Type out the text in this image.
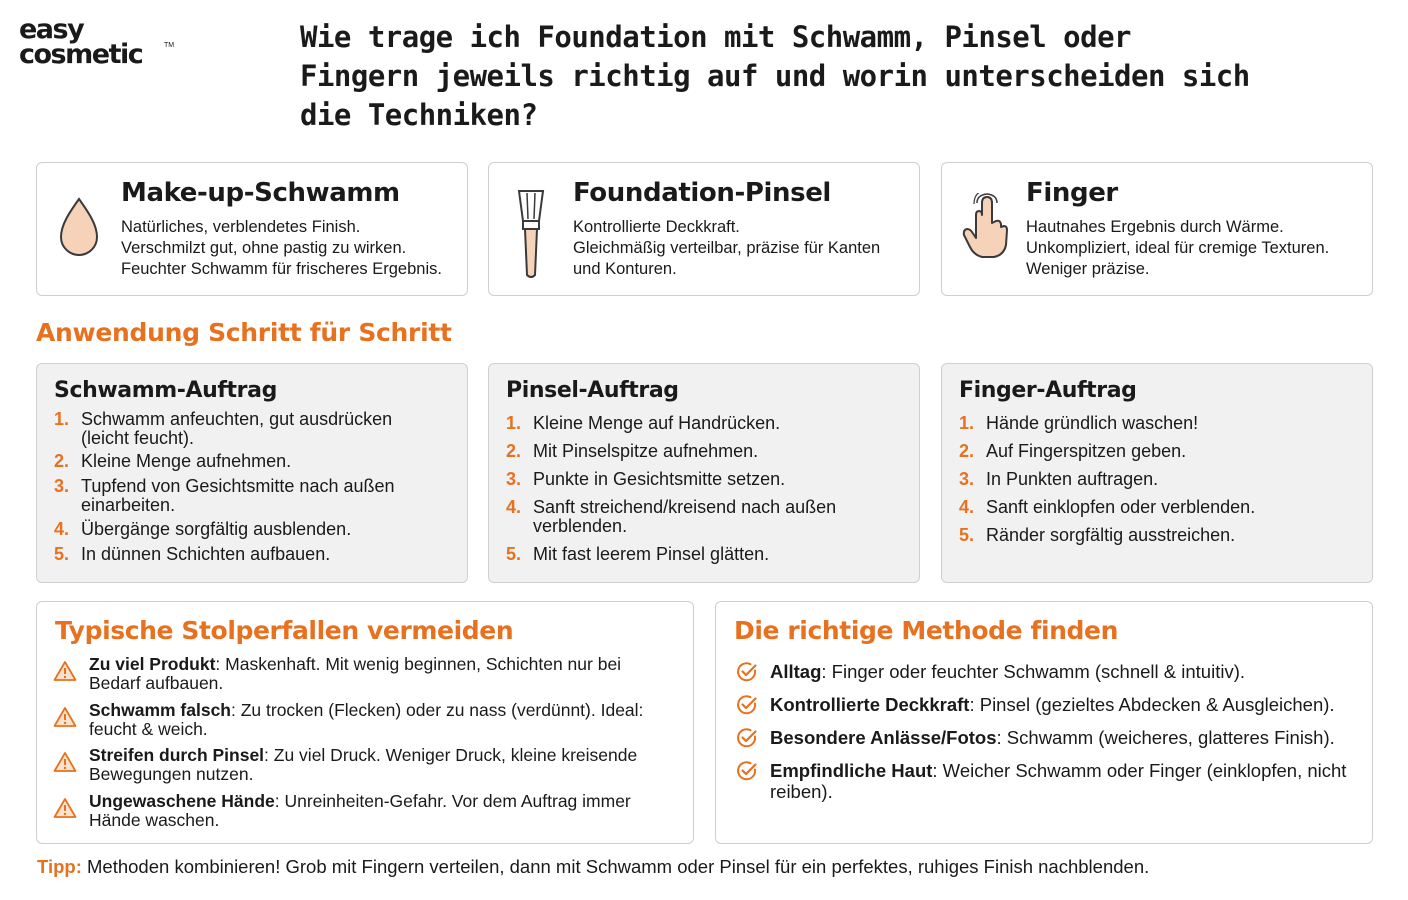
easy
cosmetic	TM	Wie trage ich Foundation mit Schwamm, Pinsel oder Fingern jeweils richtig auf und worin unterscheiden sich die Techniken?
Make-up-Schwamm

Natürliches, verblendetes Finish.

Verschmilzt gut, ohne pastig zu wirken.

Feuchter Schwamm für frischeres Ergebnis.

Foundation-Pinsel

Kontrollierte Deckkraft.

Gleichmäßig verteilbar, präzise für Kanten

und Konturen.

Finger

Hautnahes Ergebnis durch Wärme.

Unkompliziert, ideal für cremige Texturen.

Weniger präzise.

Anwendung Schritt für Schritt
Schwamm-Auftrag
1. Schwamm anfeuchten, gut ausdrücken (leicht feucht).
2. Kleine Menge aufnehmen.
3. Tupfend von Gesichtsmitte nach außen einarbeiten.
4. Übergänge sorgfältig ausblenden.
5. In dünnen Schichten aufbauen.
Pinsel-Auftrag
1. Kleine Menge auf Handrücken.
2. Mit Pinselspitze aufnehmen.
3. Punkte in Gesichtsmitte setzen.
4. Sanft streichend/kreisend nach außen verblenden.
5. Mit fast leerem Pinsel glätten.
Finger-Auftrag
1. Hände gründlich waschen!
2. Auf Fingerspitzen geben.
3. In Punkten auftragen.
4. Sanft einklopfen oder verblenden.
5. Ränder sorgfältig ausstreichen.
Typische Stolperfallen vermeiden
Zu viel Produkt: Maskenhaft. Mit wenig beginnen, Schichten nur bei Bedarf aufbauen.
Schwamm falsch: Zu trocken (Flecken) oder zu nass (verdünnt). Ideal: feucht & weich.
Streifen durch Pinsel: Zu viel Druck. Weniger Druck, kleine kreisende Bewegungen nutzen.
Ungewaschene Hände: Unreinheiten-Gefahr. Vor dem Auftrag immer Hände waschen.
Die richtige Methode finden
Alltag: Finger oder feuchter Schwamm (schnell & intuitiv).
Kontrollierte Deckkraft: Pinsel (gezieltes Abdecken & Ausgleichen).
Besondere Anlässe/Fotos: Schwamm (weicheres, glatteres Finish).
Empfindliche Haut: Weicher Schwamm oder Finger (einklopfen, nicht reiben).
Tipp: Methoden kombinieren! Grob mit Fingern verteilen, dann mit Schwamm oder Pinsel für ein perfektes, ruhiges Finish nachblenden.
